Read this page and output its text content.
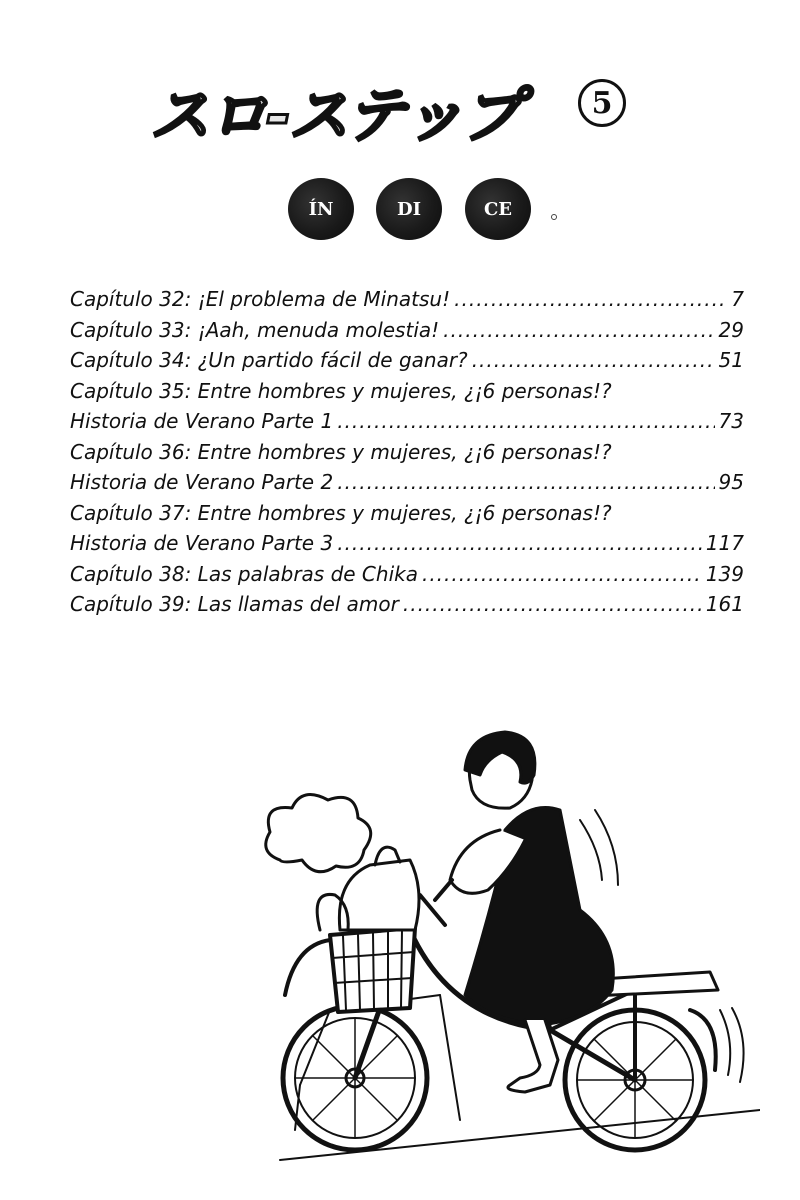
スロ-ステップ	5
ÍN	DI	CE
Capítulo 32: ¡El problema de Minatsu! .....	7
Capítulo 33: ¡Aah, menuda molestia! .....	29
Capítulo 34: ¿Un partido fácil de ganar? .....	51
Capítulo 35: Entre hombres y mujeres, ¿¡6 personas!?
Historia de Verano Parte 1 .....	73
Capítulo 36: Entre hombres y mujeres, ¿¡6 personas!?
Historia de Verano Parte 2 .....	95
Capítulo 37: Entre hombres y mujeres, ¿¡6 personas!?
Historia de Verano Parte 3 .....	117
Capítulo 38: Las palabras de Chika .....	139
Capítulo 39: Las llamas del amor .....	161
